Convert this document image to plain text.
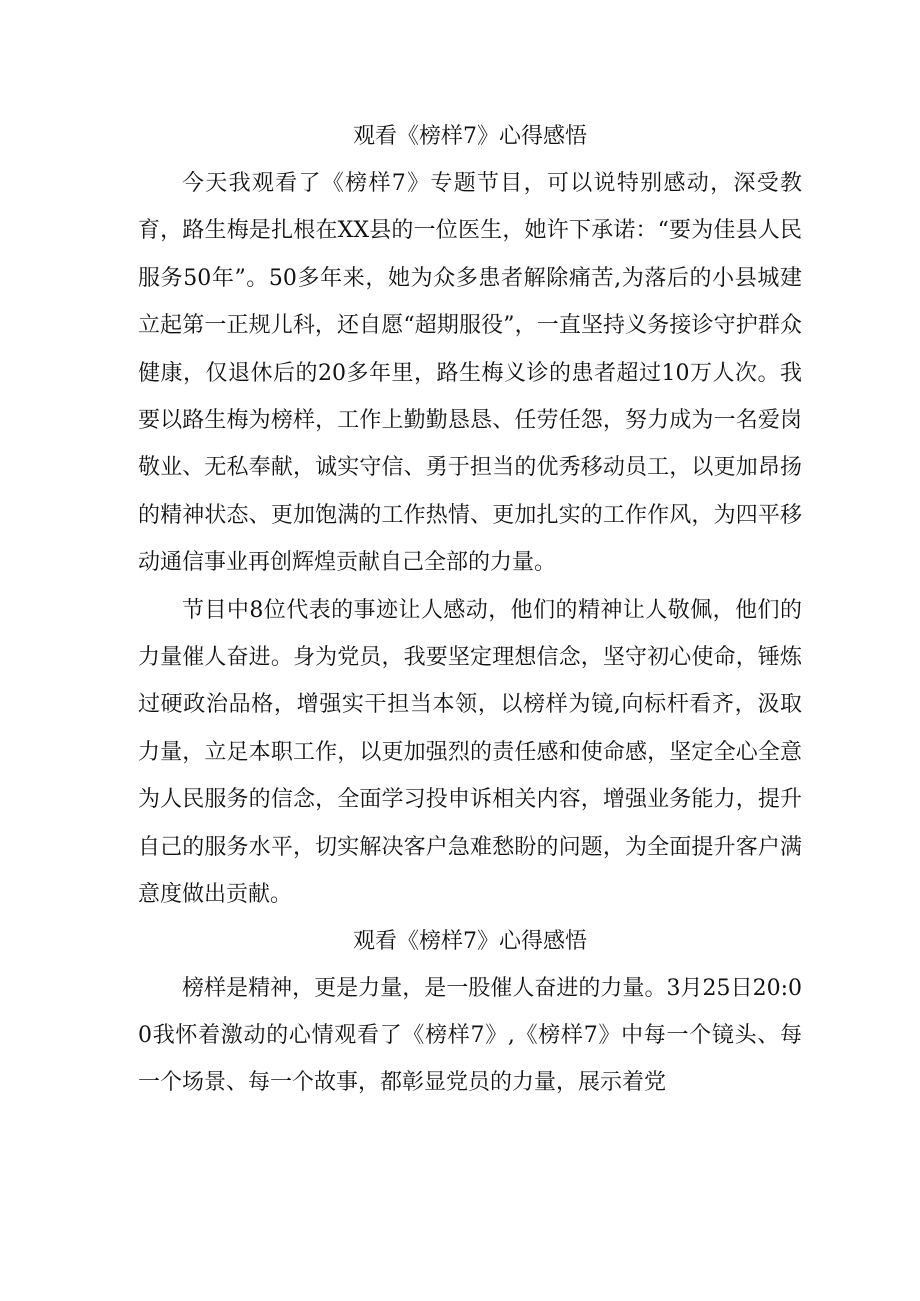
观看《榜样7》心得感悟

今天我观看了《榜样7》专题节目，可以说特别感动，深受教育，路生梅是扎根在XX县的一位医生，她许下承诺：“要为佳县人民服务50年”。50多年来，她为众多患者解除痛苦,为落后的小县城建立起第一正规儿科，还自愿“超期服役”，一直坚持义务接诊守护群众健康，仅退休后的20多年里，路生梅义诊的患者超过10万人次。我要以路生梅为榜样，工作上勤勤恳恳、任劳任怨，努力成为一名爱岗敬业、无私奉献，诚实守信、勇于担当的优秀移动员工，以更加昂扬的精神状态、更加饱满的工作热情、更加扎实的工作作风，为四平移动通信事业再创辉煌贡献自己全部的力量。

节目中8位代表的事迹让人感动，他们的精神让人敬佩，他们的力量催人奋进。身为党员，我要坚定理想信念，坚守初心使命，锤炼过硬政治品格，增强实干担当本领，以榜样为镜,向标杆看齐，汲取力量，立足本职工作，以更加强烈的责任感和使命感，坚定全心全意为人民服务的信念，全面学习投申诉相关内容，增强业务能力，提升自己的服务水平，切实解决客户急难愁盼的问题，为全面提升客户满意度做出贡献。

观看《榜样7》心得感悟

榜样是精神，更是力量，是一股催人奋进的力量。3月25日20:00我怀着激动的心情观看了《榜样7》,《榜样7》中每一个镜头、每一个场景、每一个故事，都彰显党员的力量，展示着党
